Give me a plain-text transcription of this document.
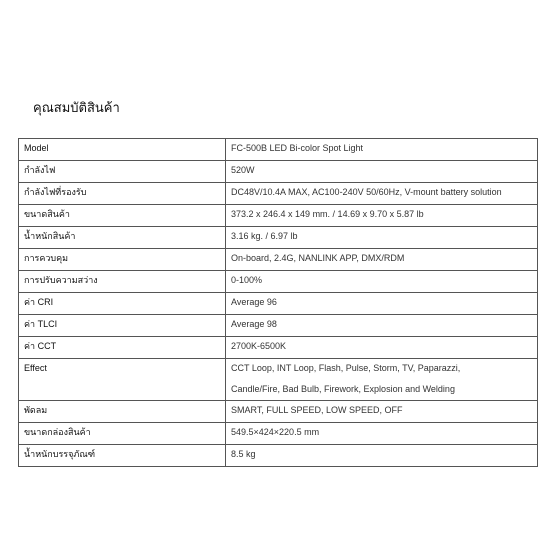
คุณสมบัติสินค้า
Model	FC-500B LED Bi-color Spot Light
กำลังไฟ	520W
กำลังไฟที่รองรับ	DC48V/10.4A MAX, AC100-240V 50/60Hz, V-mount battery solution
ขนาดสินค้า	373.2 x 246.4 x 149 mm. / 14.69 x 9.70 x 5.87 lb
น้ำหนักสินค้า	3.16 kg. / 6.97 lb
การควบคุม	On-board, 2.4G, NANLINK APP, DMX/RDM
การปรับความสว่าง	0-100%
ค่า CRI	Average 96
ค่า TLCI	Average 98
ค่า CCT	2700K-6500K
Effect	CCT Loop, INT Loop, Flash, Pulse, Storm, TV, Paparazzi,
Candle/Fire, Bad Bulb, Firework, Explosion and Welding

พัดลม	SMART, FULL SPEED, LOW SPEED, OFF
ขนาดกล่องสินค้า	549.5×424×220.5 mm
น้ำหนักบรรจุภัณฑ์	8.5 kg
